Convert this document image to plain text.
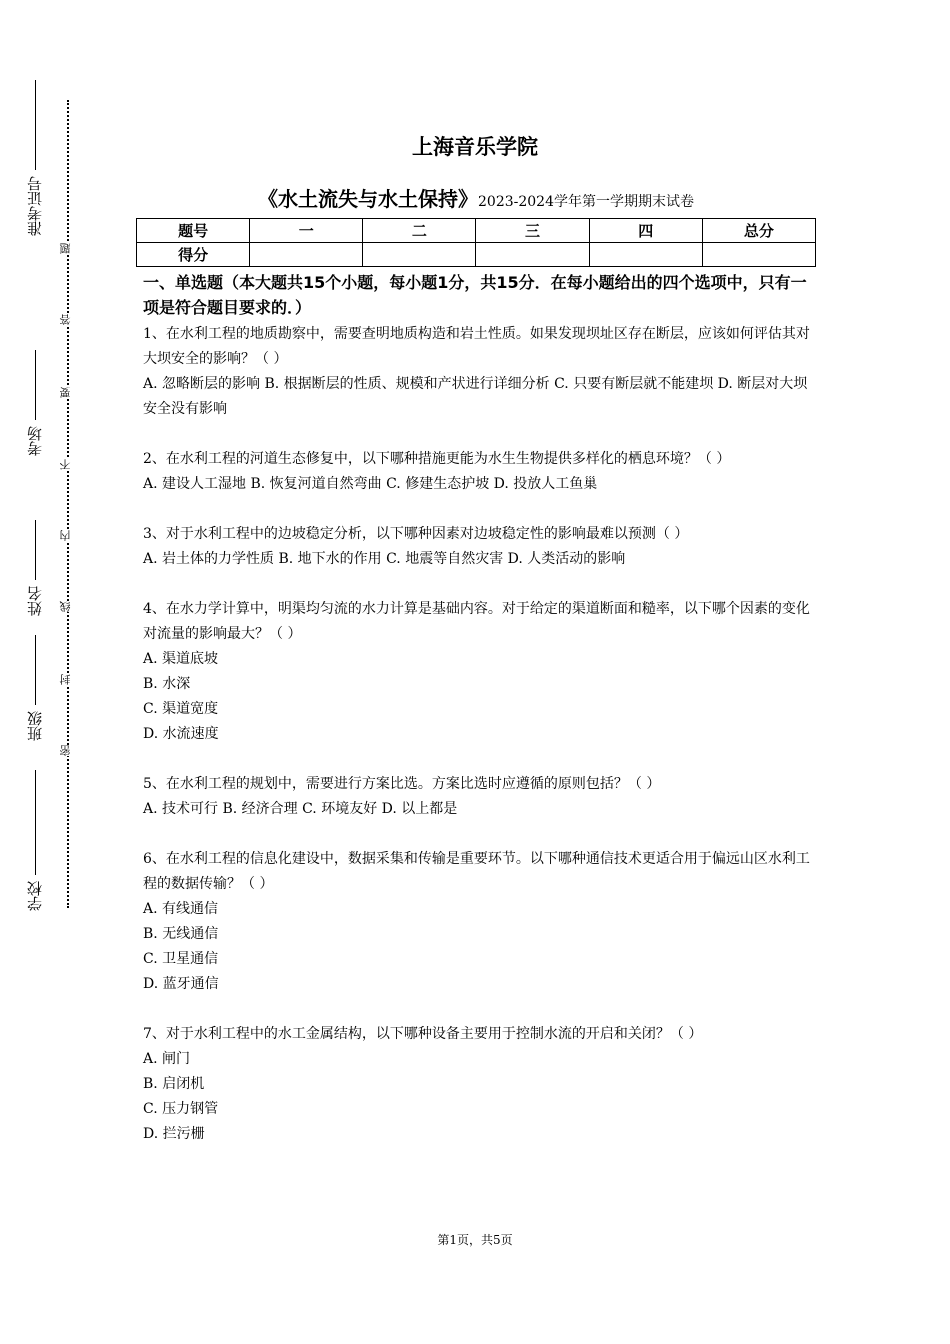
准考证号
考场
姓名
班级
学校
题
答
要
不
内
线
封
密
上海音乐学院
《水土流失与水土保持》2023-2024学年第一学期期末试卷
题号	一	二	三	四	总分
得分					
一、单选题（本大题共15个小题，每小题1分，共15分．在每小题给出的四个选项中，只有一项是符合题目要求的．）

1、在水利工程的地质勘察中，需要查明地质构造和岩土性质。如果发现坝址区存在断层，应该如何评估其对大坝安全的影响？（ ）

A. 忽略断层的影响 B. 根据断层的性质、规模和产状进行详细分析 C. 只要有断层就不能建坝 D. 断层对大坝安全没有影响

2、在水利工程的河道生态修复中，以下哪种措施更能为水生生物提供多样化的栖息环境？（ ）

A. 建设人工湿地 B. 恢复河道自然弯曲 C. 修建生态护坡 D. 投放人工鱼巢

3、对于水利工程中的边坡稳定分析，以下哪种因素对边坡稳定性的影响最难以预测（ ）

A. 岩土体的力学性质 B. 地下水的作用 C. 地震等自然灾害 D. 人类活动的影响

4、在水力学计算中，明渠均匀流的水力计算是基础内容。对于给定的渠道断面和糙率，以下哪个因素的变化对流量的影响最大？（ ）

A. 渠道底坡

B. 水深

C. 渠道宽度

D. 水流速度

5、在水利工程的规划中，需要进行方案比选。方案比选时应遵循的原则包括？（ ）

A. 技术可行 B. 经济合理 C. 环境友好 D. 以上都是

6、在水利工程的信息化建设中，数据采集和传输是重要环节。以下哪种通信技术更适合用于偏远山区水利工程的数据传输？（ ）

A. 有线通信

B. 无线通信

C. 卫星通信

D. 蓝牙通信

7、对于水利工程中的水工金属结构，以下哪种设备主要用于控制水流的开启和关闭？（ ）

A. 闸门

B. 启闭机

C. 压力钢管

D. 拦污栅

第1页，共5页
